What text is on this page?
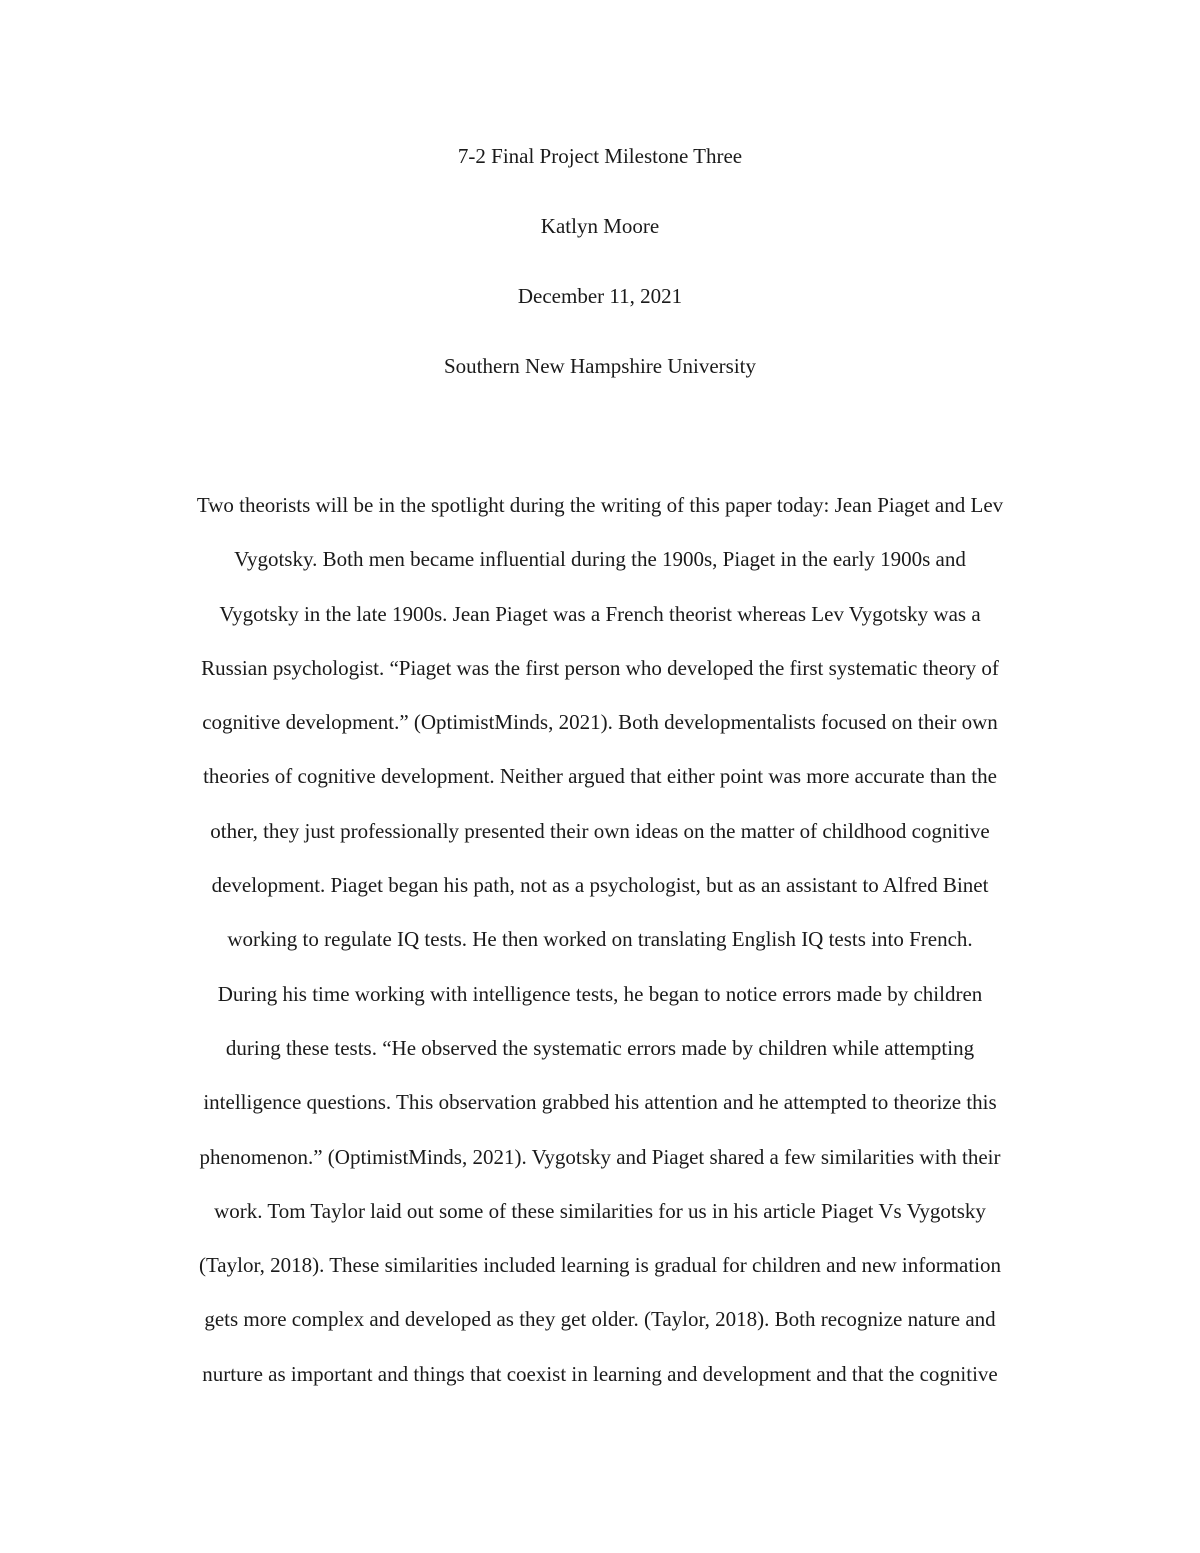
7-2 Final Project Milestone Three
Katlyn Moore
December 11, 2021
Southern New Hampshire University

Two theorists will be in the spotlight during the writing of this paper today: Jean Piaget and Lev

Vygotsky. Both men became influential during the 1900s, Piaget in the early 1900s and

Vygotsky in the late 1900s. Jean Piaget was a French theorist whereas Lev Vygotsky was a

Russian psychologist. “Piaget was the first person who developed the first systematic theory of

cognitive development.” (OptimistMinds, 2021). Both developmentalists focused on their own

theories of cognitive development. Neither argued that either point was more accurate than the

other, they just professionally presented their own ideas on the matter of childhood cognitive

development. Piaget began his path, not as a psychologist, but as an assistant to Alfred Binet

working to regulate IQ tests. He then worked on translating English IQ tests into French.

During his time working with intelligence tests, he began to notice errors made by children

during these tests. “He observed the systematic errors made by children while attempting

intelligence questions. This observation grabbed his attention and he attempted to theorize this

phenomenon.” (OptimistMinds, 2021). Vygotsky and Piaget shared a few similarities with their

work. Tom Taylor laid out some of these similarities for us in his article Piaget Vs Vygotsky

(Taylor, 2018). These similarities included learning is gradual for children and new information

gets more complex and developed as they get older. (Taylor, 2018). Both recognize nature and

nurture as important and things that coexist in learning and development and that the cognitive
